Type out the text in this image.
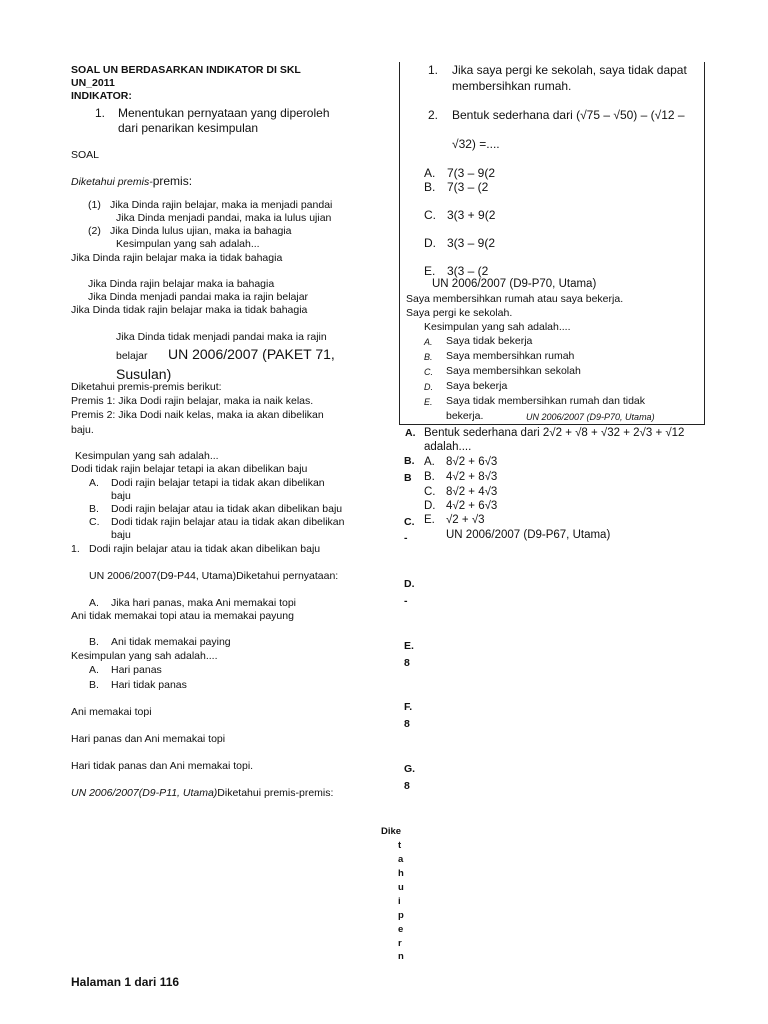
SOAL UN BERDASARKAN INDIKATOR DI SKL
UN_2011
INDIKATOR:
1. Menentukan pernyataan yang diperoleh
dari penarikan kesimpulan
SOAL
Diketahui premis-premis:
(1) Jika Dinda rajin belajar, maka ia menjadi pandai
Jika Dinda menjadi pandai, maka ia lulus ujian
(2) Jika Dinda lulus ujian, maka ia bahagia
Kesimpulan yang sah adalah...
Jika Dinda rajin belajar maka ia tidak bahagia
Jika Dinda rajin belajar maka ia bahagia
Jika Dinda menjadi pandai maka ia rajin belajar
Jika Dinda tidak rajin belajar maka ia tidak bahagia
Jika Dinda tidak menjadi pandai maka ia rajin
belajar UN 2006/2007 (PAKET 71,
Susulan)
Diketahui premis-premis berikut:
Premis 1: Jika Dodi rajin belajar, maka ia naik kelas.
Premis 2: Jika Dodi naik kelas, maka ia akan dibelikan
baju.
Kesimpulan yang sah adalah...
Dodi tidak rajin belajar tetapi ia akan dibelikan baju
A. Dodi rajin belajar tetapi ia tidak akan dibelikan
baju
B. Dodi rajin belajar atau ia tidak akan dibelikan baju
C. Dodi tidak rajin belajar atau ia tidak akan dibelikan
baju
1. Dodi rajin belajar atau ia tidak akan dibelikan baju
UN 2006/2007(D9-P44, Utama)Diketahui pernyataan:
A. Jika hari panas, maka Ani memakai topi
Ani tidak memakai topi atau ia memakai payung
B. Ani tidak memakai paying
Kesimpulan yang sah adalah....
A. Hari panas
B. Hari tidak panas
Ani memakai topi
Hari panas dan Ani memakai topi
Hari tidak panas dan Ani memakai topi.
UN 2006/2007(D9-P11, Utama)Diketahui premis-premis:
Halaman 1 dari 116
1. Jika saya pergi ke sekolah, saya tidak dapat
membersihkan rumah.
2. Bentuk sederhana dari (√75 – √50) – (√12 –
√32) =....
A. 7(3 – 9(2
B. 7(3 – (2
C. 3(3 + 9(2
D. 3(3 – 9(2
E. 3(3 – (2
UN 2006/2007 (D9-P70, Utama)
Saya membersihkan rumah atau saya bekerja.
Saya pergi ke sekolah.
Kesimpulan yang sah adalah....
A. Saya tidak bekerja
B. Saya membersihkan rumah
C. Saya membersihkan sekolah
D. Saya bekerja
E. Saya tidak membersihkan rumah dan tidak
bekerja.	UN 2006/2007 (D9-P70, Utama)
A. Bentuk sederhana dari 2√2 + √8 + √32 + 2√3 + √12
adalah....
A. 8√2 + 6√3
B. 4√2 + 8√3
C. 8√2 + 4√3
D. 4√2 + 6√3
E. √2 + √3
UN 2006/2007 (D9-P67, Utama)
B.
B
C.
-
D.
-
E.
8
F.
8
G.
8
Dike
t
a
h
u
i
p
e
r
n
